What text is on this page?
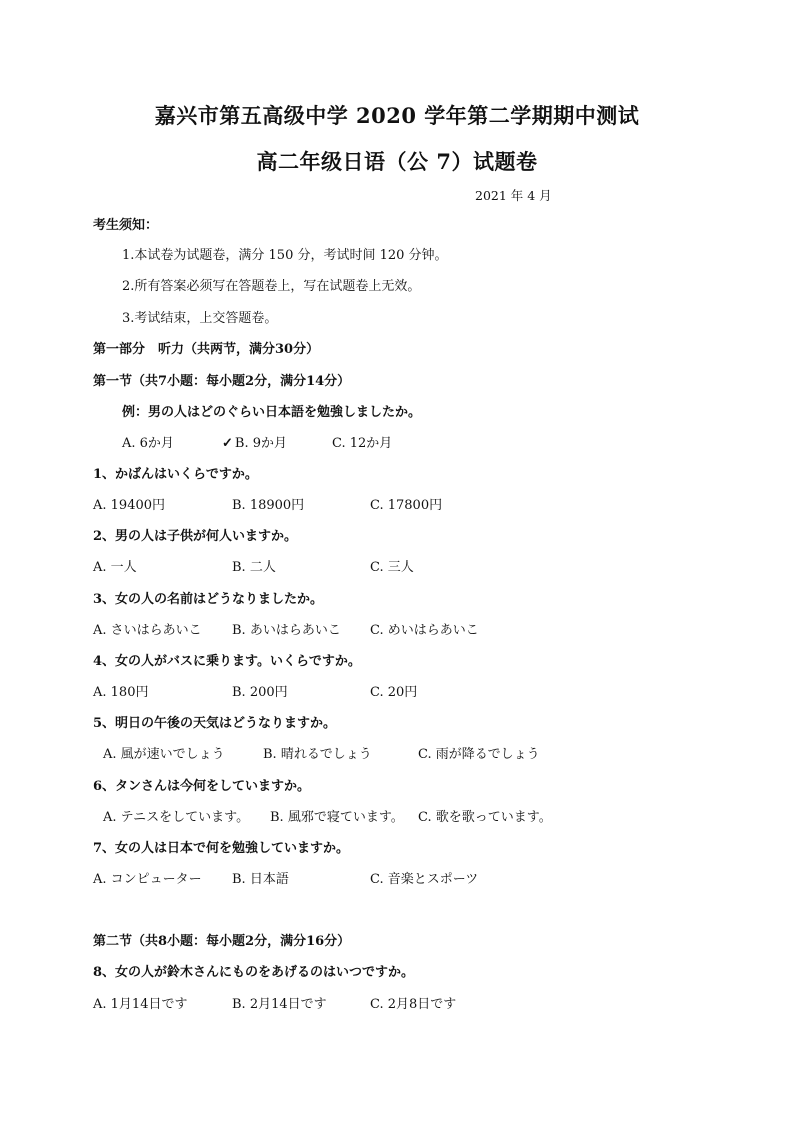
嘉兴市第五高级中学 2020 学年第二学期期中测试
高二年级日语（公 7）试题卷
2021 年 4 月
考生须知：
1.本试卷为试题卷，满分 150 分，考试时间 120 分钟。
2.所有答案必须写在答题卷上，写在试题卷上无效。
3.考试结束，上交答题卷。
第一部分　听力（共两节，满分30分）
第一节（共7小题：每小题2分，满分14分）
例：男の人はどのぐらい日本語を勉強しましたか。
A. 6か月	✓ B. 9か月	C. 12か月
1、かばんはいくらですか。
A. 19400円	B. 18900円	C. 17800円
2、男の人は子供が何人いますか。
A. 一人	B. 二人	C. 三人
3、女の人の名前はどうなりましたか。
A. さいはらあいこ B. あいはらあいこ C. めいはらあいこ
4、女の人がバスに乗ります。いくらですか。
A. 180円	B. 200円	C. 20円
5、明日の午後の天気はどうなりますか。
A. 風が速いでしょう	B. 晴れるでしょう	C. 雨が降るでしょう
6、タンさんは今何をしていますか。
A. テニスをしています。 B. 風邪で寝ています。 C. 歌を歌っています。
7、女の人は日本で何を勉強していますか。
A. コンピューター B. 日本語	C. 音楽とスポーツ
第二节（共8小题：每小题2分，满分16分）
8、女の人が鈴木さんにものをあげるのはいつですか。
A. 1月14日です	B. 2月14日です	C. 2月8日です
